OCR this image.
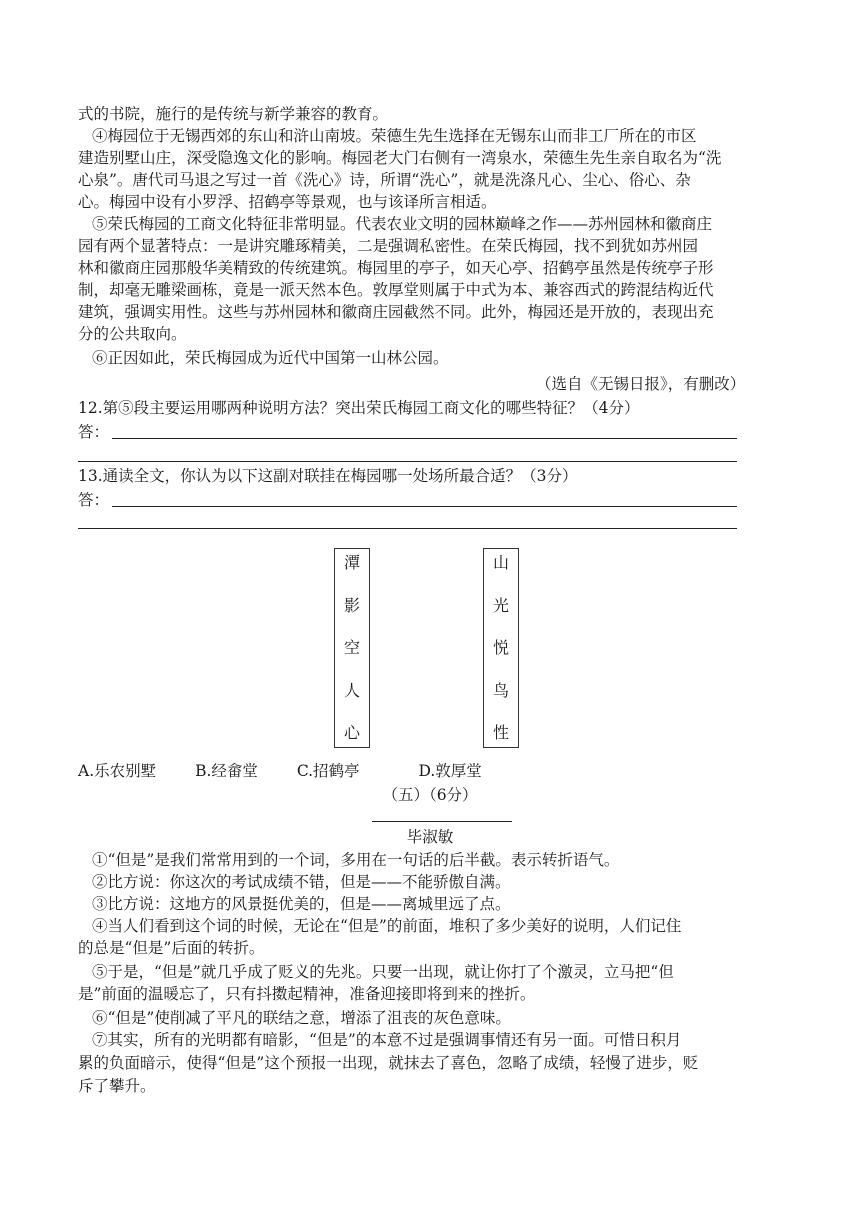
式的书院，施行的是传统与新学兼容的教育。
④梅园位于无锡西郊的东山和浒山南坡。荣德生先生选择在无锡东山而非工厂所在的市区
建造别墅山庄，深受隐逸文化的影响。梅园老大门右侧有一湾泉水，荣德生先生亲自取名为“洗
心泉”。唐代司马退之写过一首《洗心》诗，所谓“洗心”，就是洗涤凡心、尘心、俗心、杂
心。梅园中设有小罗浮、招鹤亭等景观，也与该译所言相适。
⑤荣氏梅园的工商文化特征非常明显。代表农业文明的园林巅峰之作——苏州园林和徽商庄
园有两个显著特点：一是讲究雕琢精美，二是强调私密性。在荣氏梅园，找不到犹如苏州园
林和徽商庄园那般华美精致的传统建筑。梅园里的亭子，如天心亭、招鹤亭虽然是传统亭子形
制，却毫无雕梁画栋，竟是一派天然本色。敦厚堂则属于中式为本、兼容西式的跨混结构近代
建筑，强调实用性。这些与苏州园林和徽商庄园截然不同。此外，梅园还是开放的，表现出充
分的公共取向。
⑥正因如此，荣氏梅园成为近代中国第一山林公园。
（选自《无锡日报》，有删改）
12.第⑤段主要运用哪两种说明方法？突出荣氏梅园工商文化的哪些特征？（4分）
答：
13.通读全文，你认为以下这副对联挂在梅园哪一处场所最合适？（3分）
答：
潭
影
空
人
心
山
光
悦
鸟
性
A.乐农别墅	B.经畲堂	C.招鹤亭	D.敦厚堂
（五）（6分）
毕淑敏
①“但是”是我们常常用到的一个词，多用在一句话的后半截。表示转折语气。
②比方说：你这次的考试成绩不错，但是——不能骄傲自满。
③比方说：这地方的风景挺优美的，但是——离城里远了点。
④当人们看到这个词的时候，无论在“但是”的前面，堆积了多少美好的说明，人们记住
的总是“但是”后面的转折。
⑤于是，“但是”就几乎成了贬义的先兆。只要一出现，就让你打了个激灵，立马把“但
是”前面的温暖忘了，只有抖擞起精神，准备迎接即将到来的挫折。
⑥“但是”使削减了平凡的联结之意，增添了沮丧的灰色意味。
⑦其实，所有的光明都有暗影，“但是”的本意不过是强调事情还有另一面。可惜日积月
累的负面暗示，使得“但是”这个预报一出现，就抹去了喜色，忽略了成绩，轻慢了进步，贬
斥了攀升。
